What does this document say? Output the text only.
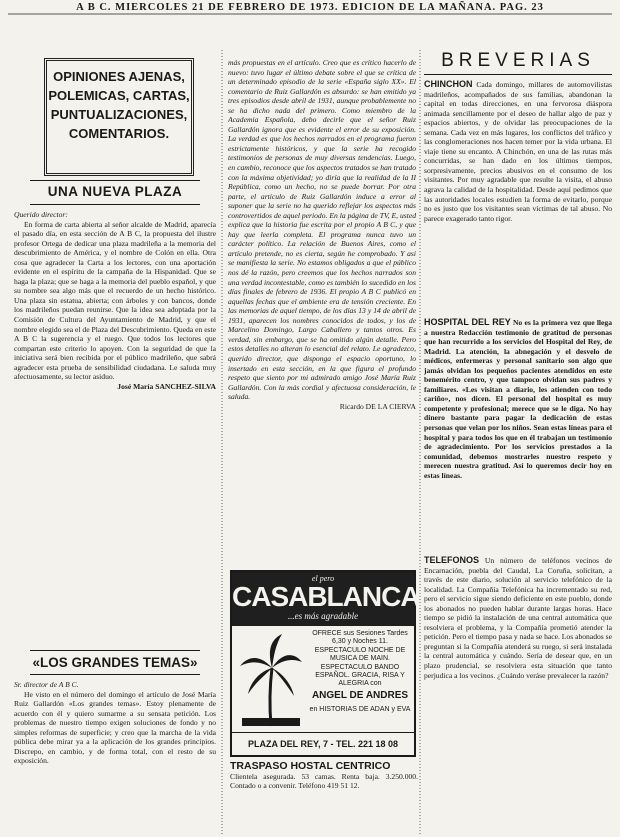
A B C. MIERCOLES 21 DE FEBRERO DE 1973. EDICION DE LA MAÑANA. PAG. 23
OPINIONES AJENAS,
POLEMICAS, CARTAS,
PUNTUALIZACIONES,
COMENTARIOS.
UNA NUEVA PLAZA
Querido director:
En forma de carta abierta al señor alcalde de Madrid, aparecía el pasado día, en esta sección de A B C, la propuesta del ilustre profesor Ortega de dedicar una plaza madrileña a la memoria del descubrimiento de América, y el nombre de Colón en ella. Otra cosa que agradecer la Carta a los lectores, con una aportación evidente en el espíritu de la campaña de la Hispanidad. Que se haga la plaza; que se haga a la memoria del pueblo español, y que su nombre sea algo más que el recuerdo de un hecho histórico. Una plaza sin estatua, abierta; con árboles y con bancos, donde los madrileños puedan reunirse. Que la idea sea adoptada por la Comisión de Cultura del Ayuntamiento de Madrid, y que el nombre elegido sea el de Plaza del Descubrimiento. Queda en este A B C la sugerencia y el ruego. Que todos los lectores que compartan este criterio lo apoyen. Con la seguridad de que la iniciativa será bien recibida por el público madrileño, que sabrá agradecer esta prueba de sensibilidad ciudadana. Le saluda muy afectuosamente, su lector asiduo.
José María SANCHEZ-SILVA
«LOS GRANDES TEMAS»
Sr. director de A B C.
He visto en el número del domingo el artículo de José María Ruiz Gallardón «Los grandes temas». Estoy plenamente de acuerdo con él y quiero sumarme a su sensata petición. Los problemas de nuestro tiempo exigen soluciones de fondo y no simples reformas de superficie; y creo que la marcha de la vida pública debe mirar ya a la aplicación de los grandes principios. Discrepo, en cambio, y de forma total, con el resto de su exposición.
más propuestas en el artículo. Creo que es crítico hacerlo de nuevo: tuvo lugar el último debate sobre el que se crítica de un determinado episodio de la serie «España siglo XX». El comentario de Ruiz Gallardón es absurdo: se han emitido ya tres episodios desde abril de 1931, aunque probablemente no se ha dicho nada del primero. Como miembro de la Academia Española, debo decirle que el señor Ruiz Gallardón ignora que es evidente el error de su exposición. La verdad es que los hechos narrados en el programa fueron estrictamente históricos, y que la serie ha recogido testimonios de personas de muy diversas tendencias. Luego, en cambio, reconoce que los aspectos tratados se han tratado con la máxima objetividad; yo diría que la realidad de la II República, como un hecho, no se puede borrar. Por otra parte, el artículo de Ruiz Gallardón induce a error al suponer que la serie no ha querido reflejar los aspectos más controvertidos de aquel periodo. En la página de TV, E, usted explica que la historia fue escrita por el propio A B C, y que hay que leerla completa. El programa nunca tuvo un carácter político. La relación de Buenos Aires, como el artículo pretende, no es cierta, según he comprobado. Y así se manifiesta la serie. No estamos obligados a que el público nos dé la razón, pero creemos que los hechos narrados son una verdad incontestable, como es también lo sucedido en los días finales de febrero de 1936. El propio A B C publicó en aquellas fechas que el ambiente era de tensión creciente. En las memorias de aquel tiempo, de los días 13 y 14 de abril de 1931, aparecen los nombres conocidos de todos, y los de Marcelino Domingo, Largo Caballero y tantos otros. Es verdad, sin embargo, que se ha omitido algún detalle. Pero estos detalles no alteran lo esencial del relato. Le agradezco, querido director, que disponga el espacio oportuno, lo insertado en esta sección, en la que figura el profundo respeto que siento por mi admirado amigo José María Ruiz Gallardón. Con la más cordial y afectuosa consideración, le saluda.
Ricardo DE LA CIERVA
el pero
CASABLANCA
...es más agradable
OFRECE sus Sesiones Tardes 6,30 y Noches 11. ESPECTACULO NOCHE DE MUSICA DE MAIN. ESPECTACULO BANDO ESPAÑOL. GRACIA, RISA Y ALEGRIA con
ANGEL DE ANDRES
en HISTORIAS DE ADAN y EVA
PLAZA DEL REY, 7 - TEL. 221 18 08
TRASPASO HOSTAL CENTRICO
Clientela asegurada. 53 camas. Renta baja. 3.250.000. Contado o a convenir. Teléfono 419 51 12.
BREVERIAS
CHINCHON Cada domingo, millares de automovilistas madrileños, acompañados de sus familias, abandonan la capital en todas direcciones, en una fervorosa diáspora animada sencillamente por el deseo de hallar algo de paz y espacios abiertos, y de olvidar las preocupaciones de la semana. Cada vez en más lugares, los conflictos del tráfico y las conglomeraciones nos hacen temer por la vida urbana. El viaje tiene su encanto. A Chinchón, en una de las rutas más concurridas, se han dado en los últimos tiempos, sorpresivamente, precios abusivos en el consumo de los visitantes. Por muy agradable que resulte la visita, el abuso agrava la calidad de la hospitalidad. Desde aquí pedimos que las autoridades locales estudien la forma de evitarlo, porque no es justo que los visitantes sean víctimas de tal abuso. No parece exagerado tanto rigor.
HOSPITAL DEL REY No es la primera vez que llega a nuestra Redacción testimonio de gratitud de personas que han recurrido a los servicios del Hospital del Rey, de Madrid. La atención, la abnegación y el desvelo de médicos, enfermeras y personal sanitario son algo que jamás olvidan los pequeños pacientes atendidos en este benemérito centro, y que tampoco olvidan sus padres y familiares. «Les visitan a diario, les atienden con todo cariño», nos dicen. El personal del hospital es muy competente y profesional; merece que se le diga. No hay dinero bastante para pagar la dedicación de estas personas que velan por los niños. Sean estas líneas para el hospital y para todos los que en él trabajan un testimonio de agradecimiento. Por los servicios prestados a la comunidad, debemos mostrarles nuestro respeto y merecen nuestra gratitud. Así lo queremos decir hoy en estas líneas.
TELEFONOS Un número de teléfonos vecinos de Encarnación, puebla del Caudal, La Coruña, solicitan, a través de este diario, solución al servicio telefónico de la localidad. La Compañía Telefónica ha incrementado su red, pero el servicio sigue siendo deficiente en este pueblo, donde los abonados no pueden hablar durante largas horas. Hace tiempo se pidió la instalación de una central automática que resolviera el problema, y la Compañía prometió atender la petición. Pero el tiempo pasa y nada se hace. Los abonados se preguntan si la Compañía atenderá su ruego, si será instalada la central automática y cuándo. Sería de desear que, en un plazo prudencial, se resolviera esta situación que tanto perjudica a los vecinos. ¿Cuándo veráse prevalecer la razón?
